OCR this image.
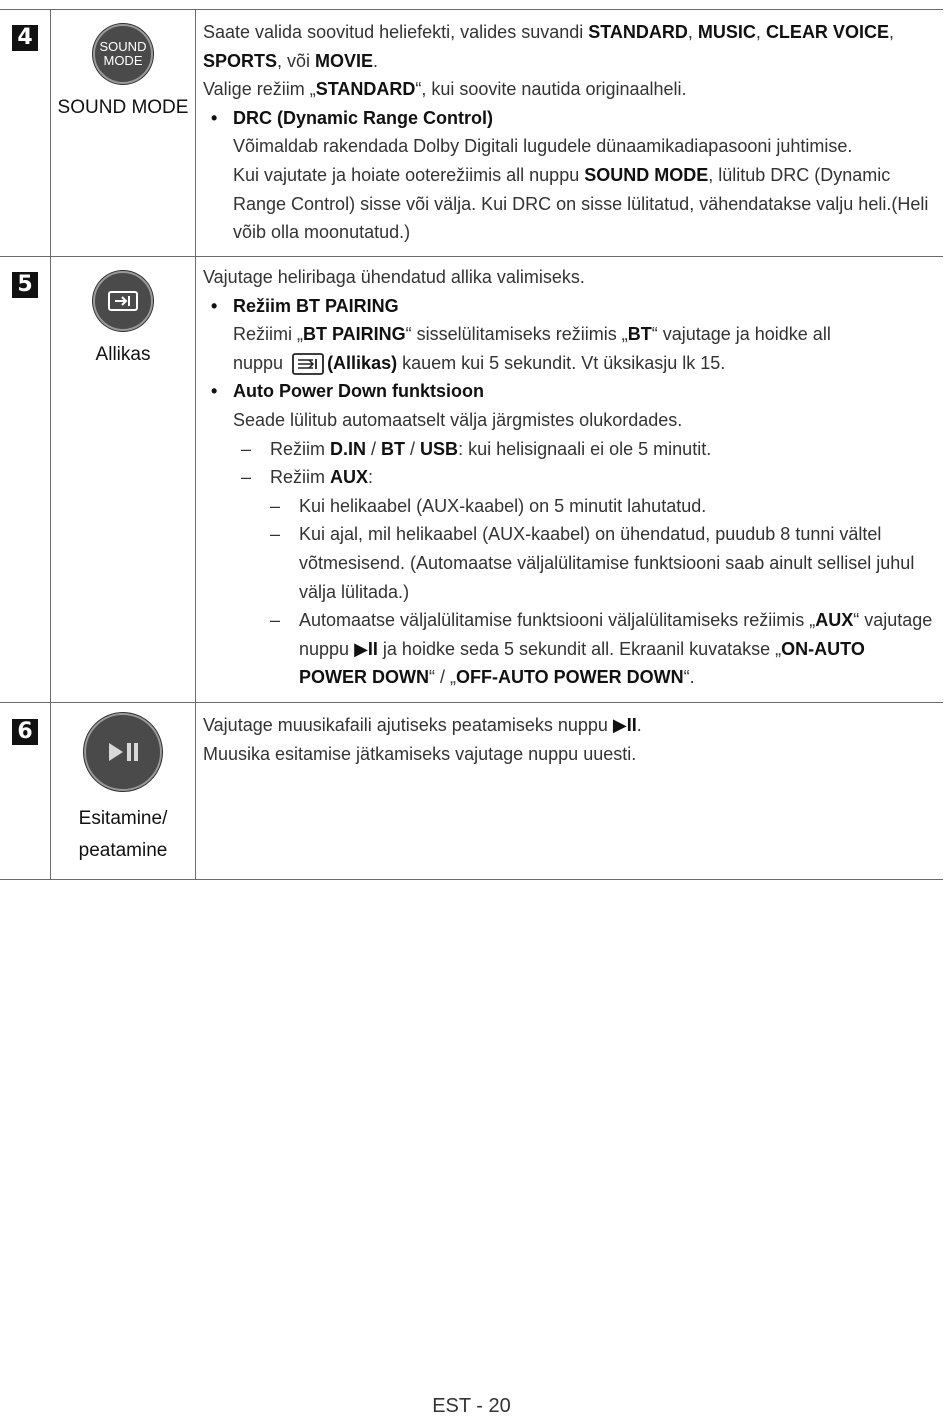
4	SOUND
MODE
SOUND MODE

Saate valida soovitud heliefekti, valides suvandi STANDARD, MUSIC, CLEAR VOICE,
SPORTS, või MOVIE.

Valige režiim „STANDARD“, kui soovite nautida originaalheli.

• DRC (Dynamic Range Control)

Võimaldab rakendada Dolby Digitali lugudele dünaamikadiapasooni juhtimise.

Kui vajutate ja hoiate ooterežiimis all nuppu SOUND MODE, lülitub DRC (Dynamic Range Control) sisse või välja. Kui DRC on sisse lülitatud, vähendatakse valju heli.(Heli võib olla moonutatud.)

5
Allikas

Vajutage heliribaga ühendatud allika valimiseks.

• Režiim BT PAIRING

Režiimi „BT PAIRING“ sisselülitamiseks režiimis „BT“ vajutage ja hoidke all

nuppu (Allikas) kauem kui 5 sekundit. Vt üksikasju lk 15.

• Auto Power Down funktsioon

Seade lülitub automaatselt välja järgmistes olukordades.

– Režiim D.IN / BT / USB: kui helisignaali ei ole 5 minutit.

– Režiim AUX:

– Kui helikaabel (AUX-kaabel) on 5 minutit lahutatud.

– Kui ajal, mil helikaabel (AUX-kaabel) on ühendatud, puudub 8 tunni vältel võtmesisend. (Automaatse väljalülitamise funktsiooni saab ainult sellisel juhul välja lülitada.)

– Automaatse väljalülitamise funktsiooni väljalülitamiseks režiimis „AUX“ vajutage nuppu ▶II ja hoidke seda 5 sekundit all. Ekraanil kuvatakse „ON-AUTO POWER DOWN“ / „OFF-AUTO POWER DOWN“.

6
Esitamine/
peatamine

Vajutage muusikafaili ajutiseks peatamiseks nuppu ▶II.

Muusika esitamise jätkamiseks vajutage nuppu uuesti.

EST - 20
